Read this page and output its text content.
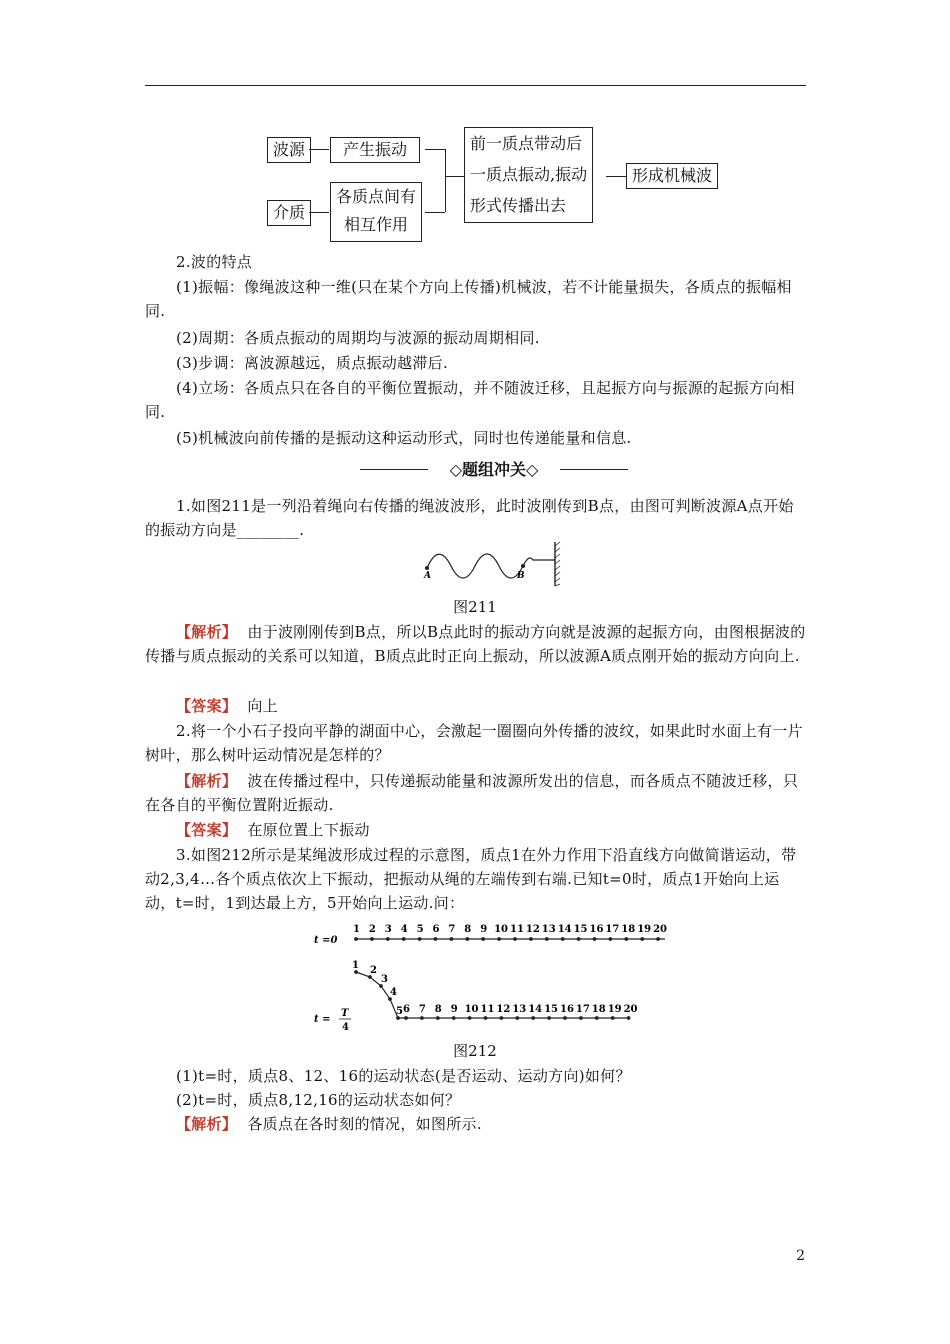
波源	产生振动
介质
各质点间有
相互作用
前一质点带动后
一质点振动,振动
形式传播出去
形成机械波
2.波的特点
(1)振幅：像绳波这种一维(只在某个方向上传播)机械波，若不计能量损失，各质点的振幅相同.
(2)周期：各质点振动的周期均与波源的振动周期相同.
(3)步调：离波源越远，质点振动越滞后.
(4)立场：各质点只在各自的平衡位置振动，并不随波迁移，且起振方向与振源的起振方向相同.
(5)机械波向前传播的是振动这种运动形式，同时也传递能量和信息.
◇题组冲关◇
1.如图211是一列沿着绳向右传播的绳波波形，此时波刚传到B点，由图可判断波源A点开始的振动方向是________.
A	B
图211
【解析】 由于波刚刚传到B点，所以B点此时的振动方向就是波源的起振方向，由图根据波的传播与质点振动的关系可以知道，B质点此时正向上振动，所以波源A质点刚开始的振动方向向上.
【答案】 向上
2.将一个小石子投向平静的湖面中心，会激起一圈圈向外传播的波纹，如果此时水面上有一片树叶，那么树叶运动情况是怎样的？
【解析】 波在传播过程中，只传递振动能量和波源所发出的信息，而各质点不随波迁移，只在各自的平衡位置附近振动.
【答案】 在原位置上下振动
3.如图212所示是某绳波形成过程的示意图，质点1在外力作用下沿直线方向做简谐运动，带动2,3,4…各个质点依次上下振动，把振动从绳的左端传到右端.已知t=0时，质点1开始向上运动，t=时，1到达最上方，5开始向上运动.问：
t =0
1 2 3 4 5 6 7 8 9 10 11 12 13 14 15 16 17 18 19 20
t =
T
4
1 2
3
4
5 6 7 8 9 10 11 12 13 14 15 16 17 18 19 20
图212
(1)t=时，质点8、12、16的运动状态(是否运动、运动方向)如何？
(2)t=时，质点8,12,16的运动状态如何？
【解析】 各质点在各时刻的情况，如图所示.
2
